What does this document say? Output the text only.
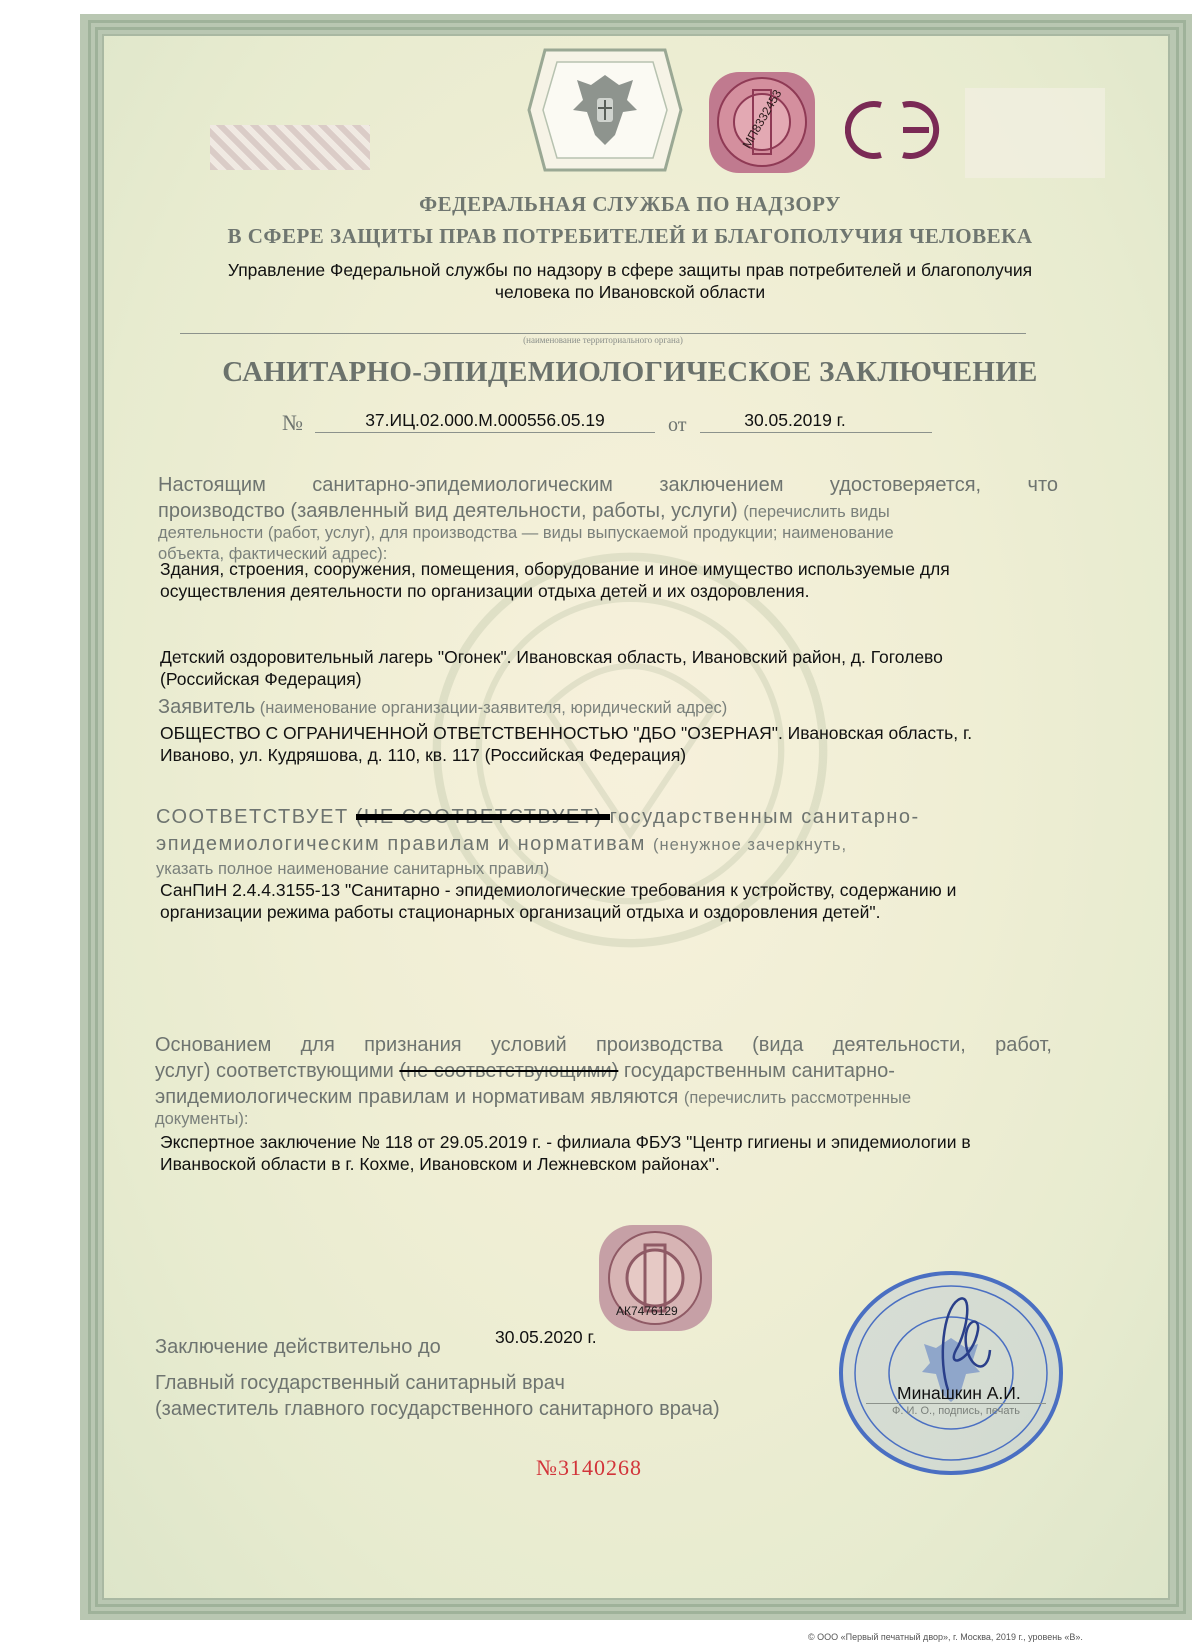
МП8332453
ФЕДЕРАЛЬНАЯ СЛУЖБА ПО НАДЗОРУ
В СФЕРЕ ЗАЩИТЫ ПРАВ ПОТРЕБИТЕЛЕЙ И БЛАГОПОЛУЧИЯ ЧЕЛОВЕКА
Управление Федеральной службы по надзору в сфере защиты прав потребителей и благополучия
человека по Ивановской области
(наименование территориального органа)
САНИТАРНО-ЭПИДЕМИОЛОГИЧЕСКОЕ ЗАКЛЮЧЕНИЕ
№	37.ИЦ.02.000.М.000556.05.19	от	30.05.2019 г.
Настоящим санитарно-эпидемиологическим заключением удостоверяется, что
производство (заявленный вид деятельности, работы, услуги) (перечислить виды
деятельности (работ, услуг), для производства — виды выпускаемой продукции; наименование
объекта, фактический адрес):
Здания, строения, сооружения, помещения, оборудование и иное имущество используемые для
осуществления деятельности по организации отдыха детей и их оздоровления.
Детский оздоровительный лагерь "Огонек". Ивановская область, Ивановский район, д. Гоголево
(Российская Федерация)
Заявитель (наименование организации-заявителя, юридический адрес)
ОБЩЕСТВО С ОГРАНИЧЕННОЙ ОТВЕТСТВЕННОСТЬЮ "ДБО "ОЗЕРНАЯ". Ивановская область, г.
Иваново, ул. Кудряшова, д. 110, кв. 117 (Российская Федерация)
СООТВЕТСТВУЕТ	государственным санитарно-
эпидемиологическим правилам и нормативам (ненужное зачеркнуть,
указать полное наименование санитарных правил)
СанПиН 2.4.4.3155-13 "Санитарно - эпидемиологические требования к устройству, содержанию и
организации режима работы стационарных организаций отдыха и оздоровления детей".
Основанием для признания условий производства (вида деятельности, работ,
услуг) соответствующими (не соответствующими) государственным санитарно-
эпидемиологическим правилам и нормативам являются (перечислить рассмотренные
документы):
Экспертное заключение № 118 от 29.05.2019 г. - филиала ФБУЗ "Центр гигиены и эпидемиологии в
Иванвоской области в г. Кохме, Ивановском и Лежневском районах".
АК7476129
Заключение действительно до	30.05.2020 г.
Главный государственный санитарный врач
(заместитель главного государственного санитарного врача)
Минашкин А.И.
Ф. И. О., подпись, печать
№3140268
© ООО «Первый печатный двор», г. Москва, 2019 г., уровень «В».
